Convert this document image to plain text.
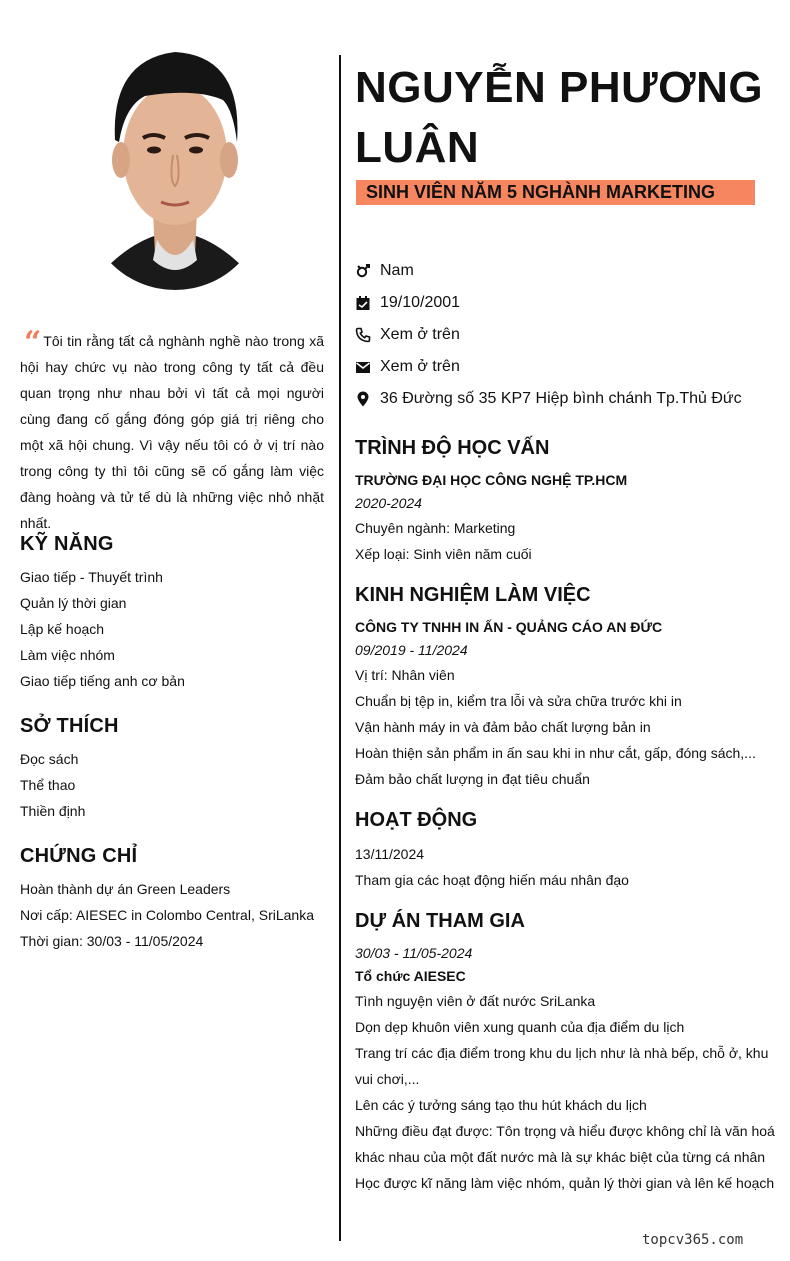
“ Tôi tin rằng tất cả nghành nghề nào trong xã hội hay chức vụ nào trong công ty tất cả đều quan trọng như nhau bởi vì tất cả mọi người cùng đang cố gắng đóng góp giá trị riêng cho một xã hội chung. Vì vậy nếu tôi có ở vị trí nào trong công ty thì tôi cũng sẽ cố gắng làm việc đàng hoàng và tử tế dù là những việc nhỏ nhặt nhất.
KỸ NĂNG
Giao tiếp - Thuyết trình
Quản lý thời gian
Lập kế hoạch
Làm việc nhóm
Giao tiếp tiếng anh cơ bản
SỞ THÍCH
Đọc sách
Thể thao
Thiền định
CHỨNG CHỈ
Hoàn thành dự án Green Leaders
Nơi cấp: AIESEC in Colombo Central, SriLanka
Thời gian: 30/03 - 11/05/2024
NGUYỄN PHƯƠNG LUÂN
SINH VIÊN NĂM 5 NGHÀNH MARKETING
Nam
19/10/2001
Xem ở trên
Xem ở trên
36 Đường số 35 KP7 Hiệp bình chánh Tp.Thủ Đức
TRÌNH ĐỘ HỌC VẤN
TRƯỜNG ĐẠI HỌC CÔNG NGHỆ TP.HCM
2020-2024
Chuyên ngành: Marketing
Xếp loại: Sinh viên năm cuối
KINH NGHIỆM LÀM VIỆC
CÔNG TY TNHH IN ẤN - QUẢNG CÁO AN ĐỨC
09/2019 - 11/2024
Vị trí: Nhân viên
Chuẩn bị tệp in, kiểm tra lỗi và sửa chữa trước khi in
Vận hành máy in và đảm bảo chất lượng bản in
Hoàn thiện sản phẩm in ấn sau khi in như cắt, gấp, đóng sách,...
Đảm bảo chất lượng in đạt tiêu chuẩn
HOẠT ĐỘNG
13/11/2024
Tham gia các hoạt động hiến máu nhân đạo
DỰ ÁN THAM GIA
30/03 - 11/05-2024
Tổ chức AIESEC
Tình nguyện viên ở đất nước SriLanka
Dọn dẹp khuôn viên xung quanh của địa điểm du lịch
Trang trí các địa điểm trong khu du lịch như là nhà bếp, chỗ ở, khu vui chơi,...
Lên các ý tưởng sáng tạo thu hút khách du lịch
Những điều đạt được: Tôn trọng và hiểu được không chỉ là văn hoá khác nhau của một đất nước mà là sự khác biệt của từng cá nhân
Học được kĩ năng làm việc nhóm, quản lý thời gian và lên kế hoạch
topcv365.com
